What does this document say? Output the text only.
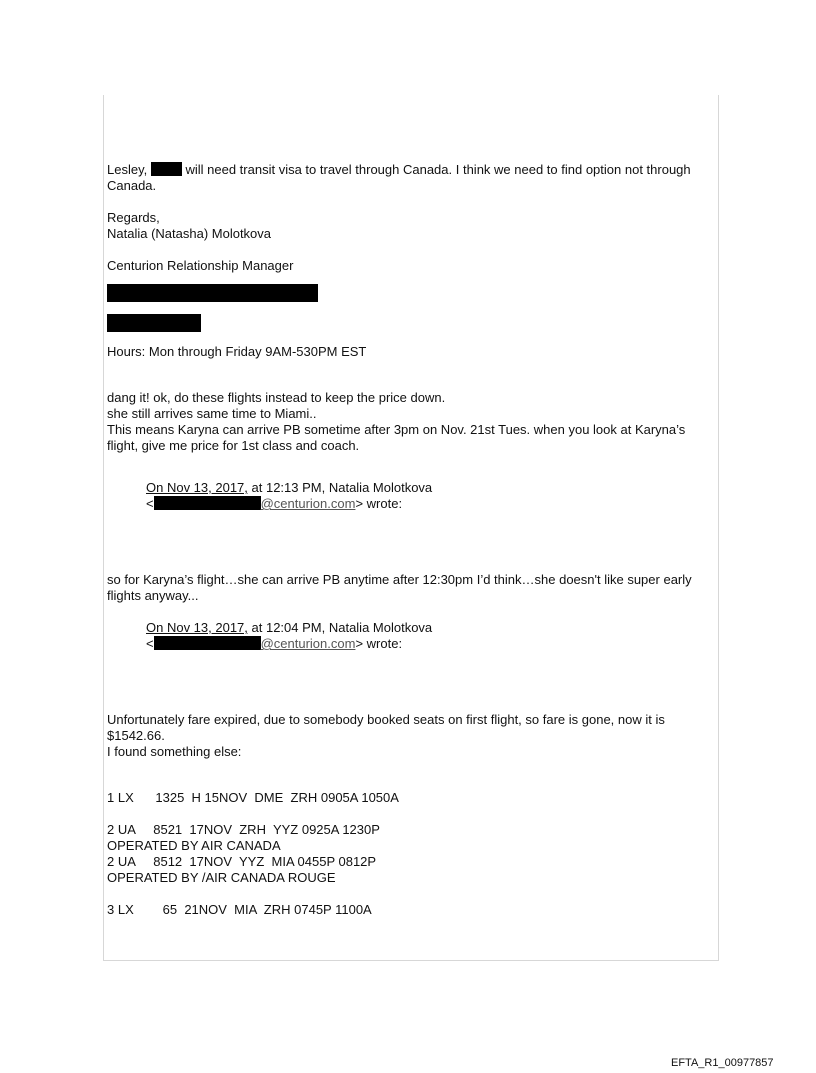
Lesley,	will need transit visa to travel through Canada. I think we need to find option not through Canada.

Regards,

Natalia (Natasha) Molotkova

Centurion Relationship Manager

Hours: Mon through Friday 9AM-530PM EST

dang it! ok, do these flights instead to keep the price down.

she still arrives same time to Miami..

This means Karyna can arrive PB sometime after 3pm on Nov. 21st Tues. when you look at Karyna’s flight, give me price for 1st class and coach.

On Nov 13, 2017, at 12:13 PM, Natalia Molotkova

<	@centurion.com> wrote:

so for Karyna’s flight…she can arrive PB anytime after 12:30pm I’d think…she doesn't like super early flights anyway...

On Nov 13, 2017, at 12:04 PM, Natalia Molotkova

<	@centurion.com> wrote:

Unfortunately fare expired, due to somebody booked seats on first flight, so fare is gone, now it is $1542.66.

I found something else:

1 LX      1325  H 15NOV  DME  ZRH 0905A 1050A

2 UA     8521  17NOV  ZRH  YYZ 0925A 1230P

OPERATED BY AIR CANADA

2 UA     8512  17NOV  YYZ  MIA 0455P 0812P

OPERATED BY /AIR CANADA ROUGE

3 LX        65  21NOV  MIA  ZRH 0745P 1100A

EFTA_R1_00977857
